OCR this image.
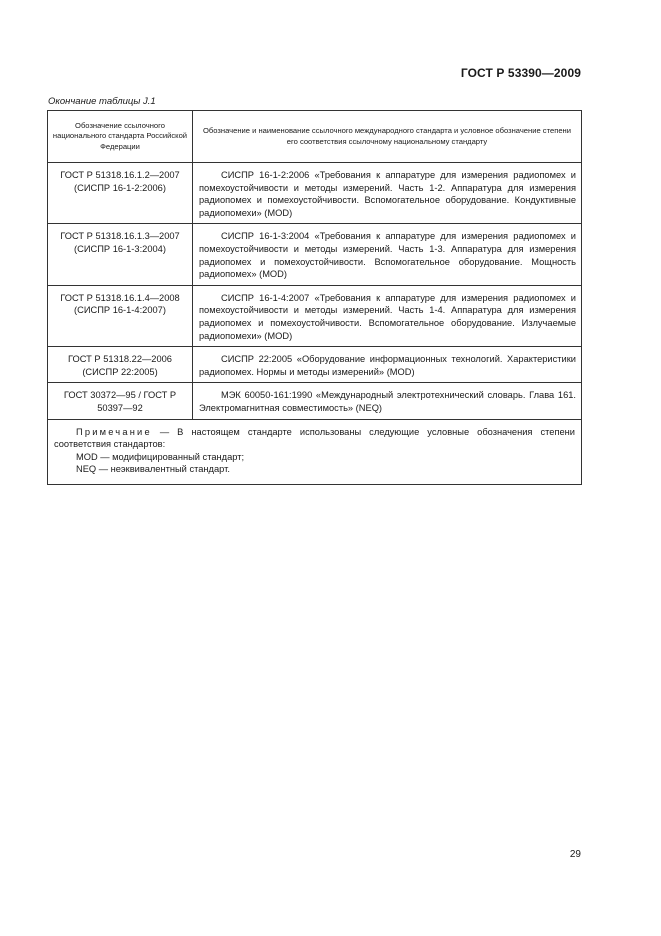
ГОСТ Р 53390—2009
Окончание таблицы J.1
Обозначение ссылочного национального стандарта Российской Федерации	Обозначение и наименование ссылочного международного стандарта и условное обозначение степени его соответствия ссылочному национальному стандарту
ГОСТ Р 51318.16.1.2—2007 (СИСПР 16-1-2:2006)	СИСПР 16-1-2:2006 «Требования к аппаратуре для измерения радиопомех и помехоустойчивости и методы измерений. Часть 1-2. Аппаратура для измерения радиопомех и помехоустойчивости. Вспомогательное оборудование. Кондуктивные радиопомехи» (MOD)
ГОСТ Р 51318.16.1.3—2007 (СИСПР 16-1-3:2004)	СИСПР 16-1-3:2004 «Требования к аппаратуре для измерения радиопомех и помехоустойчивости и методы измерений. Часть 1-3. Аппаратура для измерения радиопомех и помехоустойчивости. Вспомогательное оборудование. Мощность радиопомех» (MOD)
ГОСТ Р 51318.16.1.4—2008 (СИСПР 16-1-4:2007)	СИСПР 16-1-4:2007 «Требования к аппаратуре для измерения радиопомех и помехоустойчивости и методы измерений. Часть 1-4. Аппаратура для измерения радиопомех и помехоустойчивости. Вспомогательное оборудование. Излучаемые радиопомехи» (MOD)
ГОСТ Р 51318.22—2006 (СИСПР 22:2005)	СИСПР 22:2005 «Оборудование информационных технологий. Характеристики радиопомех. Нормы и методы измерений» (MOD)
ГОСТ 30372—95 / ГОСТ Р 50397—92	МЭК 60050-161:1990 «Международный электротехнический словарь. Глава 161. Электромагнитная совместимость» (NEQ)

Примечание — В настоящем стандарте использованы следующие условные обозначения степени соответствия стандартов:
MOD — модифицированный стандарт;
NEQ — неэквивалентный стандарт.	
29
